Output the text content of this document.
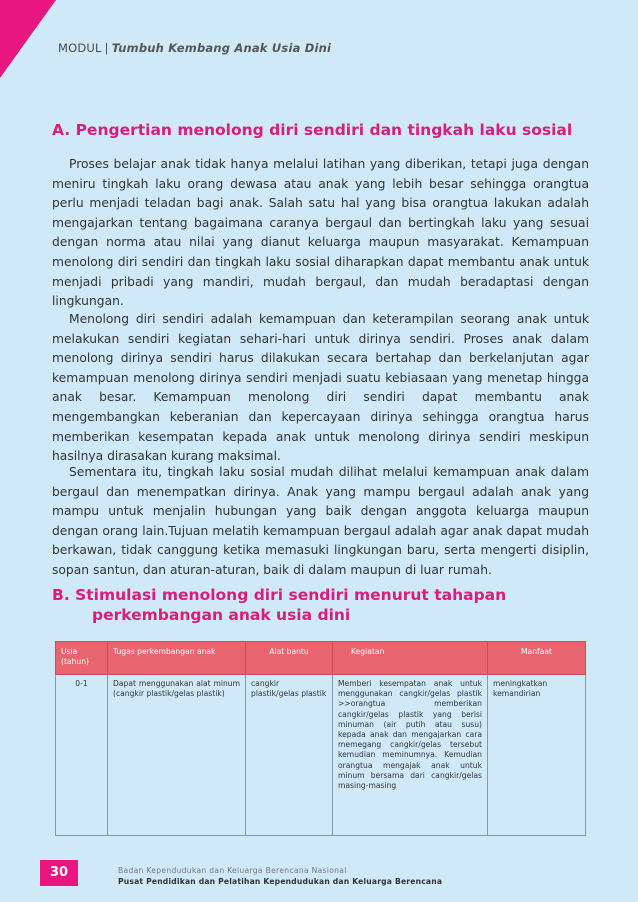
MODUL | Tumbuh Kembang Anak Usia Dini
A. Pengertian menolong diri sendiri dan tingkah laku sosial

Proses belajar anak tidak hanya melalui latihan yang diberikan, tetapi juga dengan meniru tingkah laku orang dewasa atau anak yang lebih besar sehingga orangtua perlu menjadi teladan bagi anak. Salah satu hal yang bisa orangtua lakukan adalah mengajarkan tentang bagaimana caranya bergaul dan bertingkah laku yang sesuai dengan norma atau nilai yang dianut keluarga maupun masyarakat. Kemampuan menolong diri sendiri dan tingkah laku sosial diharapkan dapat membantu anak untuk menjadi pribadi yang mandiri, mudah bergaul, dan mudah beradaptasi dengan lingkungan.

Menolong diri sendiri adalah kemampuan dan keterampilan seorang anak untuk melakukan sendiri kegiatan sehari-hari untuk dirinya sendiri. Proses anak dalam menolong dirinya sendiri harus dilakukan secara bertahap dan berkelanjutan agar kemampuan menolong dirinya sendiri menjadi suatu kebiasaan yang menetap hingga anak besar. Kemampuan menolong diri sendiri dapat membantu anak mengembangkan keberanian dan kepercayaan dirinya sehingga orangtua harus memberikan kesempatan kepada anak untuk menolong dirinya sendiri meskipun hasilnya dirasakan kurang maksimal.

Sementara itu, tingkah laku sosial mudah dilihat melalui kemampuan anak dalam bergaul dan menempatkan dirinya. Anak yang mampu bergaul adalah anak yang mampu untuk menjalin hubungan yang baik dengan anggota keluarga maupun dengan orang lain.Tujuan melatih kemampuan bergaul adalah agar anak dapat mudah berkawan, tidak canggung ketika memasuki lingkungan baru, serta mengerti disiplin, sopan santun, dan aturan-aturan, baik di dalam maupun di luar rumah.

B. Stimulasi menolong diri sendiri menurut tahapan
perkembangan anak usia dini
Usia (tahun)	Tugas perkembangan anak	Alat bantu	Kegiatan	Manfaat
0-1	Dapat menggunakan alat minum (cangkir plastik/gelas plastik)	cangkir plastik/gelas plastik	Memberi kesempatan anak untuk menggunakan cangkir/gelas plastik >>orangtua memberikan cangkir/gelas plastik yang berisi minuman (air putih atau susu) kepada anak dan mengajarkan cara memegang cangkir/gelas tersebut kemudian meminumnya. Kemudian orangtua mengajak anak untuk minum bersama dari cangkir/gelas masing-masing	meningkatkan kemandirian
30	Badan Kependudukan dan Keluarga Berencana Nasional
Pusat Pendidikan dan Pelatihan Kependudukan dan Keluarga Berencana
